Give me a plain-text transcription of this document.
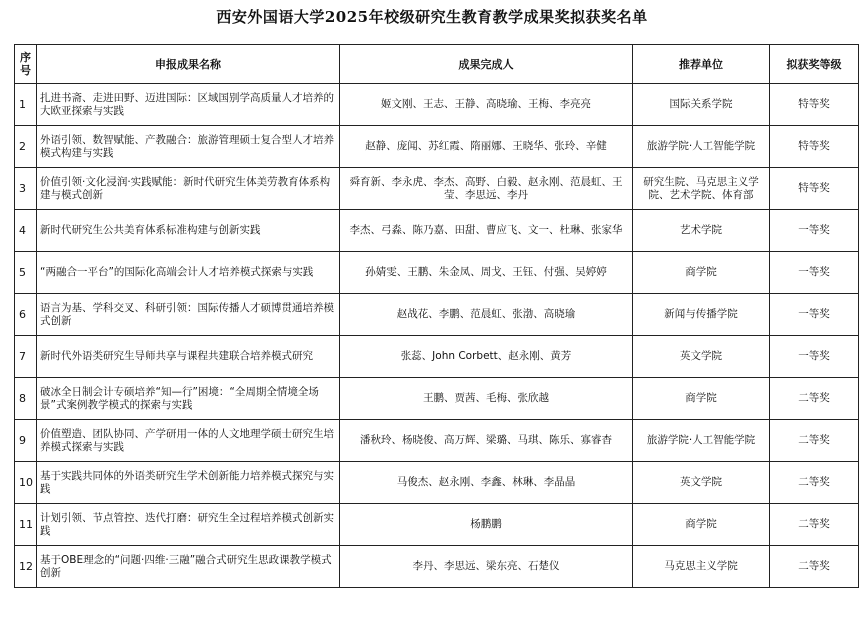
西安外国语大学2025年校级研究生教育教学成果奖拟获奖名单
序号	申报成果名称	成果完成人	推荐单位	拟获奖等级
1	扎进书斋、走进田野、迈进国际：区域国别学高质量人才培养的大欧亚探索与实践	姬文刚、王志、王静、高晓瑜、王梅、李亮亮	国际关系学院	特等奖
2	外语引领、数智赋能、产教融合：旅游管理硕士复合型人才培养模式构建与实践	赵静、庞闻、苏红霞、隋丽娜、王晓华、张玲、辛健	旅游学院·人工智能学院	特等奖
3	价值引领·文化浸润·实践赋能：新时代研究生体美劳教育体系构建与模式创新	舜育新、李永虎、李杰、高野、白毅、赵永刚、范晨虹、王莹、李思远、李丹	研究生院、马克思主义学院、艺术学院、体育部	特等奖
4	新时代研究生公共美育体系标准构建与创新实践	李杰、弓淼、陈乃嘉、田甜、曹应飞、文一、杜琳、张家华	艺术学院	一等奖
5	“两融合一平台”的国际化高端会计人才培养模式探索与实践	孙婧雯、王鹏、朱金凤、周戈、王钰、付强、吴婷婷	商学院	一等奖
6	语言为基、学科交叉、科研引领：国际传播人才硕博贯通培养模式创新	赵战花、李鹏、范晨虹、张渤、高晓瑜	新闻与传播学院	一等奖
7	新时代外语类研究生导师共享与课程共建联合培养模式研究	张蕊、John Corbett、赵永刚、黄芳	英文学院	一等奖
8	破冰全日制会计专硕培养“知—行”困境：“全周期全情境全场景”式案例教学模式的探索与实践	王鹏、贾茜、毛梅、张欣越	商学院	二等奖
9	价值塑造、团队协同、产学研用一体的人文地理学硕士研究生培养模式探索与实践	潘秋玲、杨晓俊、高万辉、梁璐、马琪、陈乐、寡睿杳	旅游学院·人工智能学院	二等奖
10	基于实践共同体的外语类研究生学术创新能力培养模式探究与实践	马俊杰、赵永刚、李鑫、林琳、李晶晶	英文学院	二等奖
11	计划引领、节点管控、迭代打磨：研究生全过程培养模式创新实践	杨鹏鹏	商学院	二等奖
12	基于OBE理念的“问题·四维·三融”融合式研究生思政课教学模式创新	李丹、李思远、梁东亮、石楚仪	马克思主义学院	二等奖
